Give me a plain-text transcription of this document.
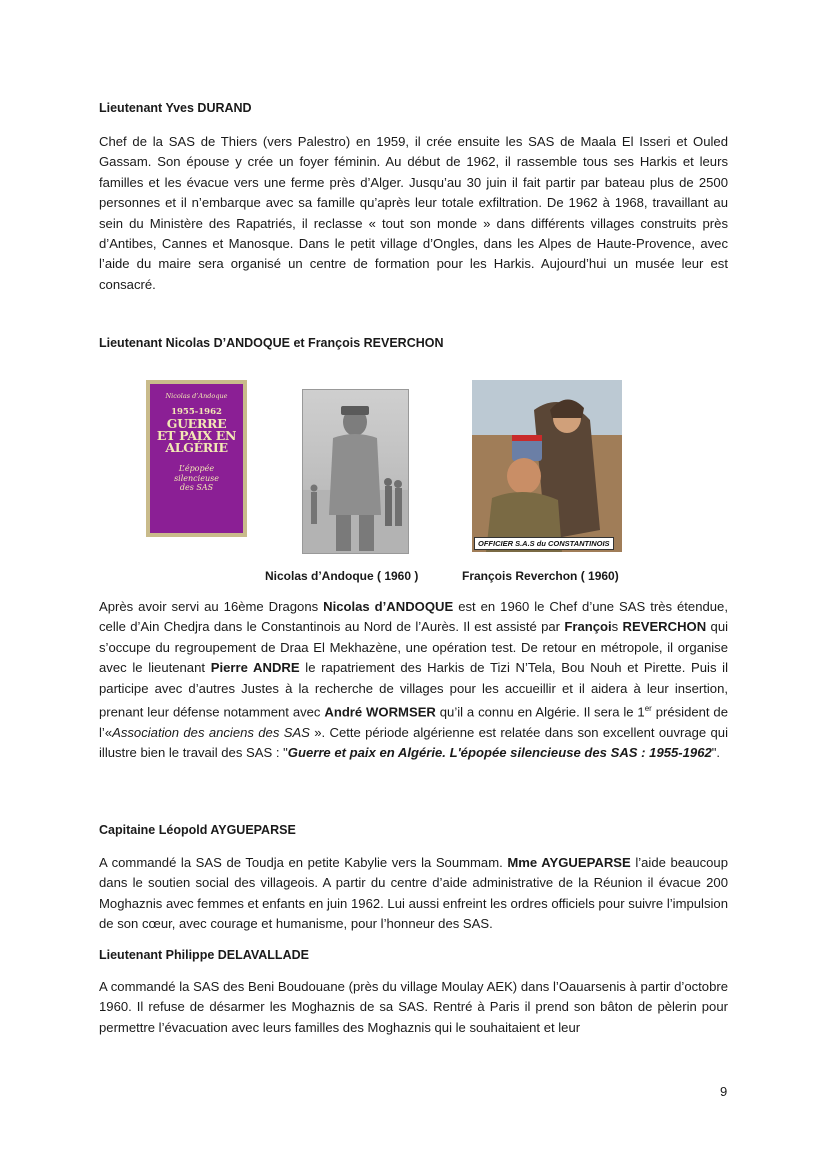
Lieutenant Yves DURAND

Chef de la SAS de Thiers (vers Palestro) en 1959, il crée ensuite les SAS de Maala El Isseri et Ouled Gassam. Son épouse y crée un foyer féminin. Au début de 1962, il rassemble tous ses Harkis et leurs familles et les évacue vers une ferme près d’Alger. Jusqu’au 30 juin il fait partir par bateau plus de 2500 personnes et il n’embarque avec sa famille qu’après leur totale exfiltration. De 1962 à 1968, travaillant au sein du Ministère des Rapatriés, il reclasse « tout son monde » dans différents villages construits près d’Antibes, Cannes et Manosque. Dans le petit village d’Ongles, dans les Alpes de Haute-Provence, avec l’aide du maire sera organisé un centre de formation pour les Harkis. Aujourd’hui un musée leur est consacré.

Lieutenant Nicolas D’ANDOQUE et François REVERCHON
Nicolas d’Andoque
1955-1962
GUERRE
ET PAIX EN
ALGÉRIE
L’épopée
silencieuse
des SAS
OFFICIER S.A.S du CONSTANTINOIS
Nicolas d’Andoque ( 1960 )	François Reverchon ( 1960)

Après avoir servi au 16ème Dragons Nicolas d’ANDOQUE est en 1960 le Chef d’une SAS très étendue, celle d’Ain Chedjra dans le Constantinois au Nord de l’Aurès. Il est assisté par François REVERCHON qui s’occupe du regroupement de Draa El Mekhazène, une opération test. De retour en métropole, il organise avec le lieutenant Pierre ANDRE le rapatriement des Harkis de Tizi N’Tela, Bou Nouh et Pirette. Puis il participe avec d’autres Justes à la recherche de villages pour les accueillir et il aidera à leur insertion, prenant leur défense notamment avec André WORMSER qu’il a connu en Algérie. Il sera le 1er président de l’«Association des anciens des SAS ». Cette période algérienne est relatée dans son excellent ouvrage qui illustre bien le travail des SAS : "Guerre et paix en Algérie. L'épopée silencieuse des SAS : 1955-1962".

Capitaine Léopold AYGUEPARSE

A commandé la SAS de Toudja en petite Kabylie vers la Soummam. Mme AYGUEPARSE l’aide beaucoup dans le soutien social des villageois. A partir du centre d’aide administrative de la Réunion il évacue 200 Moghaznis avec femmes et enfants en juin 1962. Lui aussi enfreint les ordres officiels pour suivre l’impulsion de son cœur, avec courage et humanisme, pour l’honneur des SAS.

Lieutenant Philippe DELAVALLADE

A commandé la SAS des Beni Boudouane (près du village Moulay AEK) dans l’Oauarsenis à partir d’octobre 1960. Il refuse de désarmer les Moghaznis de sa SAS. Rentré à Paris il prend son bâton de pèlerin pour permettre l’évacuation avec leurs familles des Moghaznis qui le souhaitaient et leur

9
